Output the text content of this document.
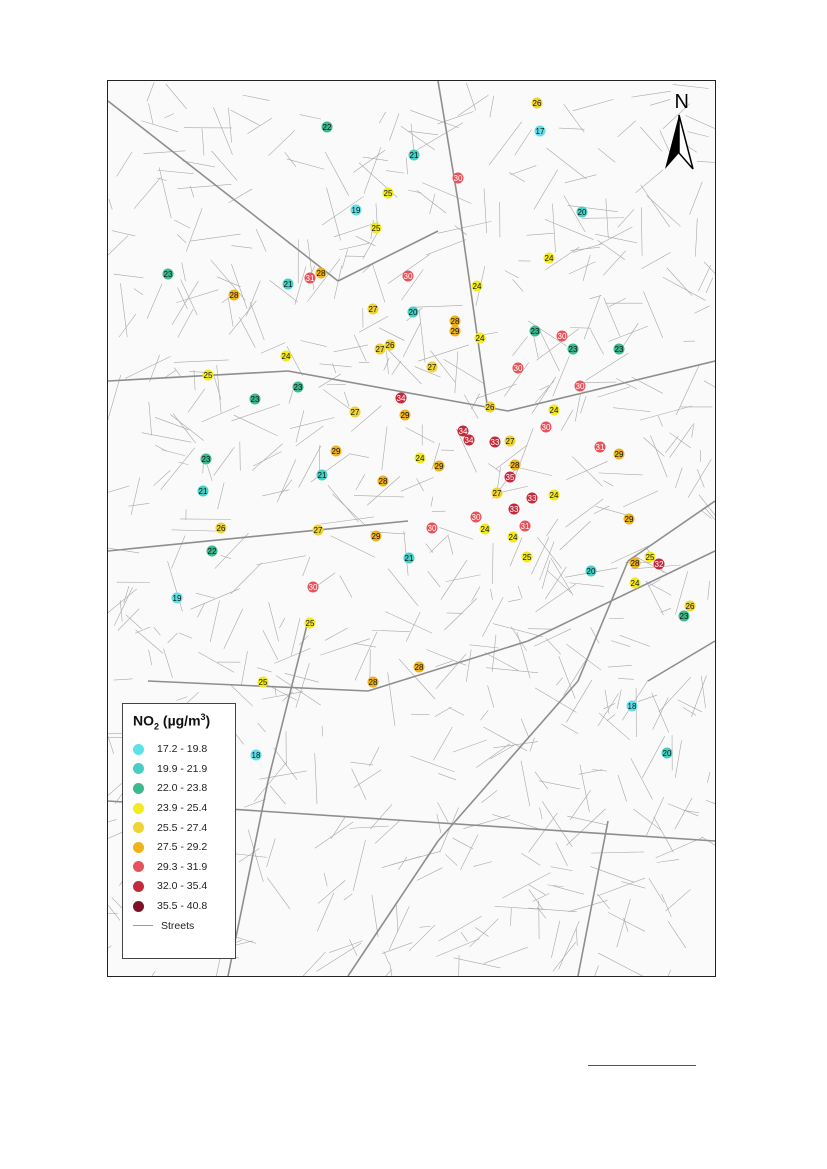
26
17
22
21
30
25
19	20
25
24
23	31
28
21
28
30
24
27	20
28
29	23
30
23	23
24
24
26
27
27	30
25
23	30
23	34
29
26
27	24
30
34
34 33 27
31
29
29
23	24
29
21
28
28
35
21	27
33 24
26	27
29
30
30
33
24	31
22
21
24
25
29
28
25
32
20
24
30
19
26
23
25
28
25	28
18
20
18
N
$NO_2$ $(\mu g/m^3)$
17.2 - 19.8
19.9 - 21.9
22.0 - 23.8
23.9 - 25.4
25.5 - 27.4
27.5 - 29.2
29.3 - 31.9
32.0 - 35.4
35.5 - 40.8
Streets
